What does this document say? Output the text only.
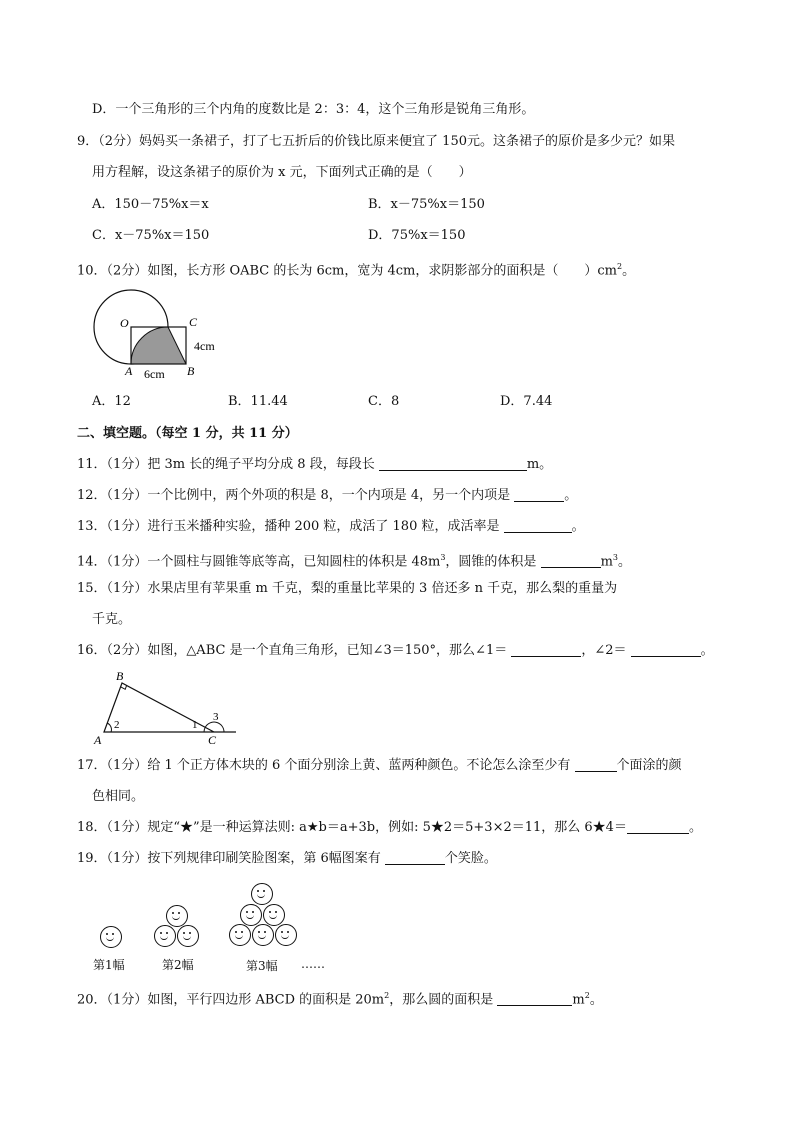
D．一个三角形的三个内角的度数比是 2：3：4，这个三角形是锐角三角形。
9．（2分）妈妈买一条裙子，打了七五折后的价钱比原来便宜了 150元。这条裙子的原价是多少元？如果
用方程解，设这条裙子的原价为 x 元，下面列式正确的是（　　）
A．150－75%x＝x	B．x－75%x＝150
C．x－75%x＝150	D．75%x＝150
10．（2分）如图，长方形 OABC 的长为 6cm，宽为 4cm，求阴影部分的面积是（　　）$cm^2$。
O	C
A	B
6cm
4cm
A．12	B．11.44	C．8	D．7.44
二、填空题。（每空 1 分，共 11 分）
11．（1分）把 3m 长的绳子平均分成 8 段，每段长	m。
12．（1分）一个比例中，两个外项的积是 8，一个内项是 4，另一个内项是	。
13．（1分）进行玉米播种实验，播种 200 粒，成活了 180 粒，成活率是	。
14．（1分）一个圆柱与圆锥等底等高，已知圆柱的体积是 $48m^3$，圆锥的体积是	$m^3$。
15．（1分）水果店里有苹果重 m 千克，梨的重量比苹果的 3 倍还多 n 千克，那么梨的重量为
千克。
16．（2分）如图，△ABC 是一个直角三角形，已知∠3＝150°，那么∠1＝	，∠2＝	。
B
A	C
2	1
3
17．（1分）给 1 个正方体木块的 6 个面分别涂上黄、蓝两种颜色。不论怎么涂至少有	个面涂的颜
色相同。
18．（1分）规定“★”是一种运算法则: a★b＝a+3b，例如: 5★2＝5+3×2＝11，那么 6★4＝	。
19．（1分）按下列规律印刷笑脸图案，第 6幅图案有	个笑脸。
第1幅	第2幅	第3幅 ……
20．（1分）如图，平行四边形 ABCD 的面积是 $20m^2$，那么圆的面积是	$m^2$。
